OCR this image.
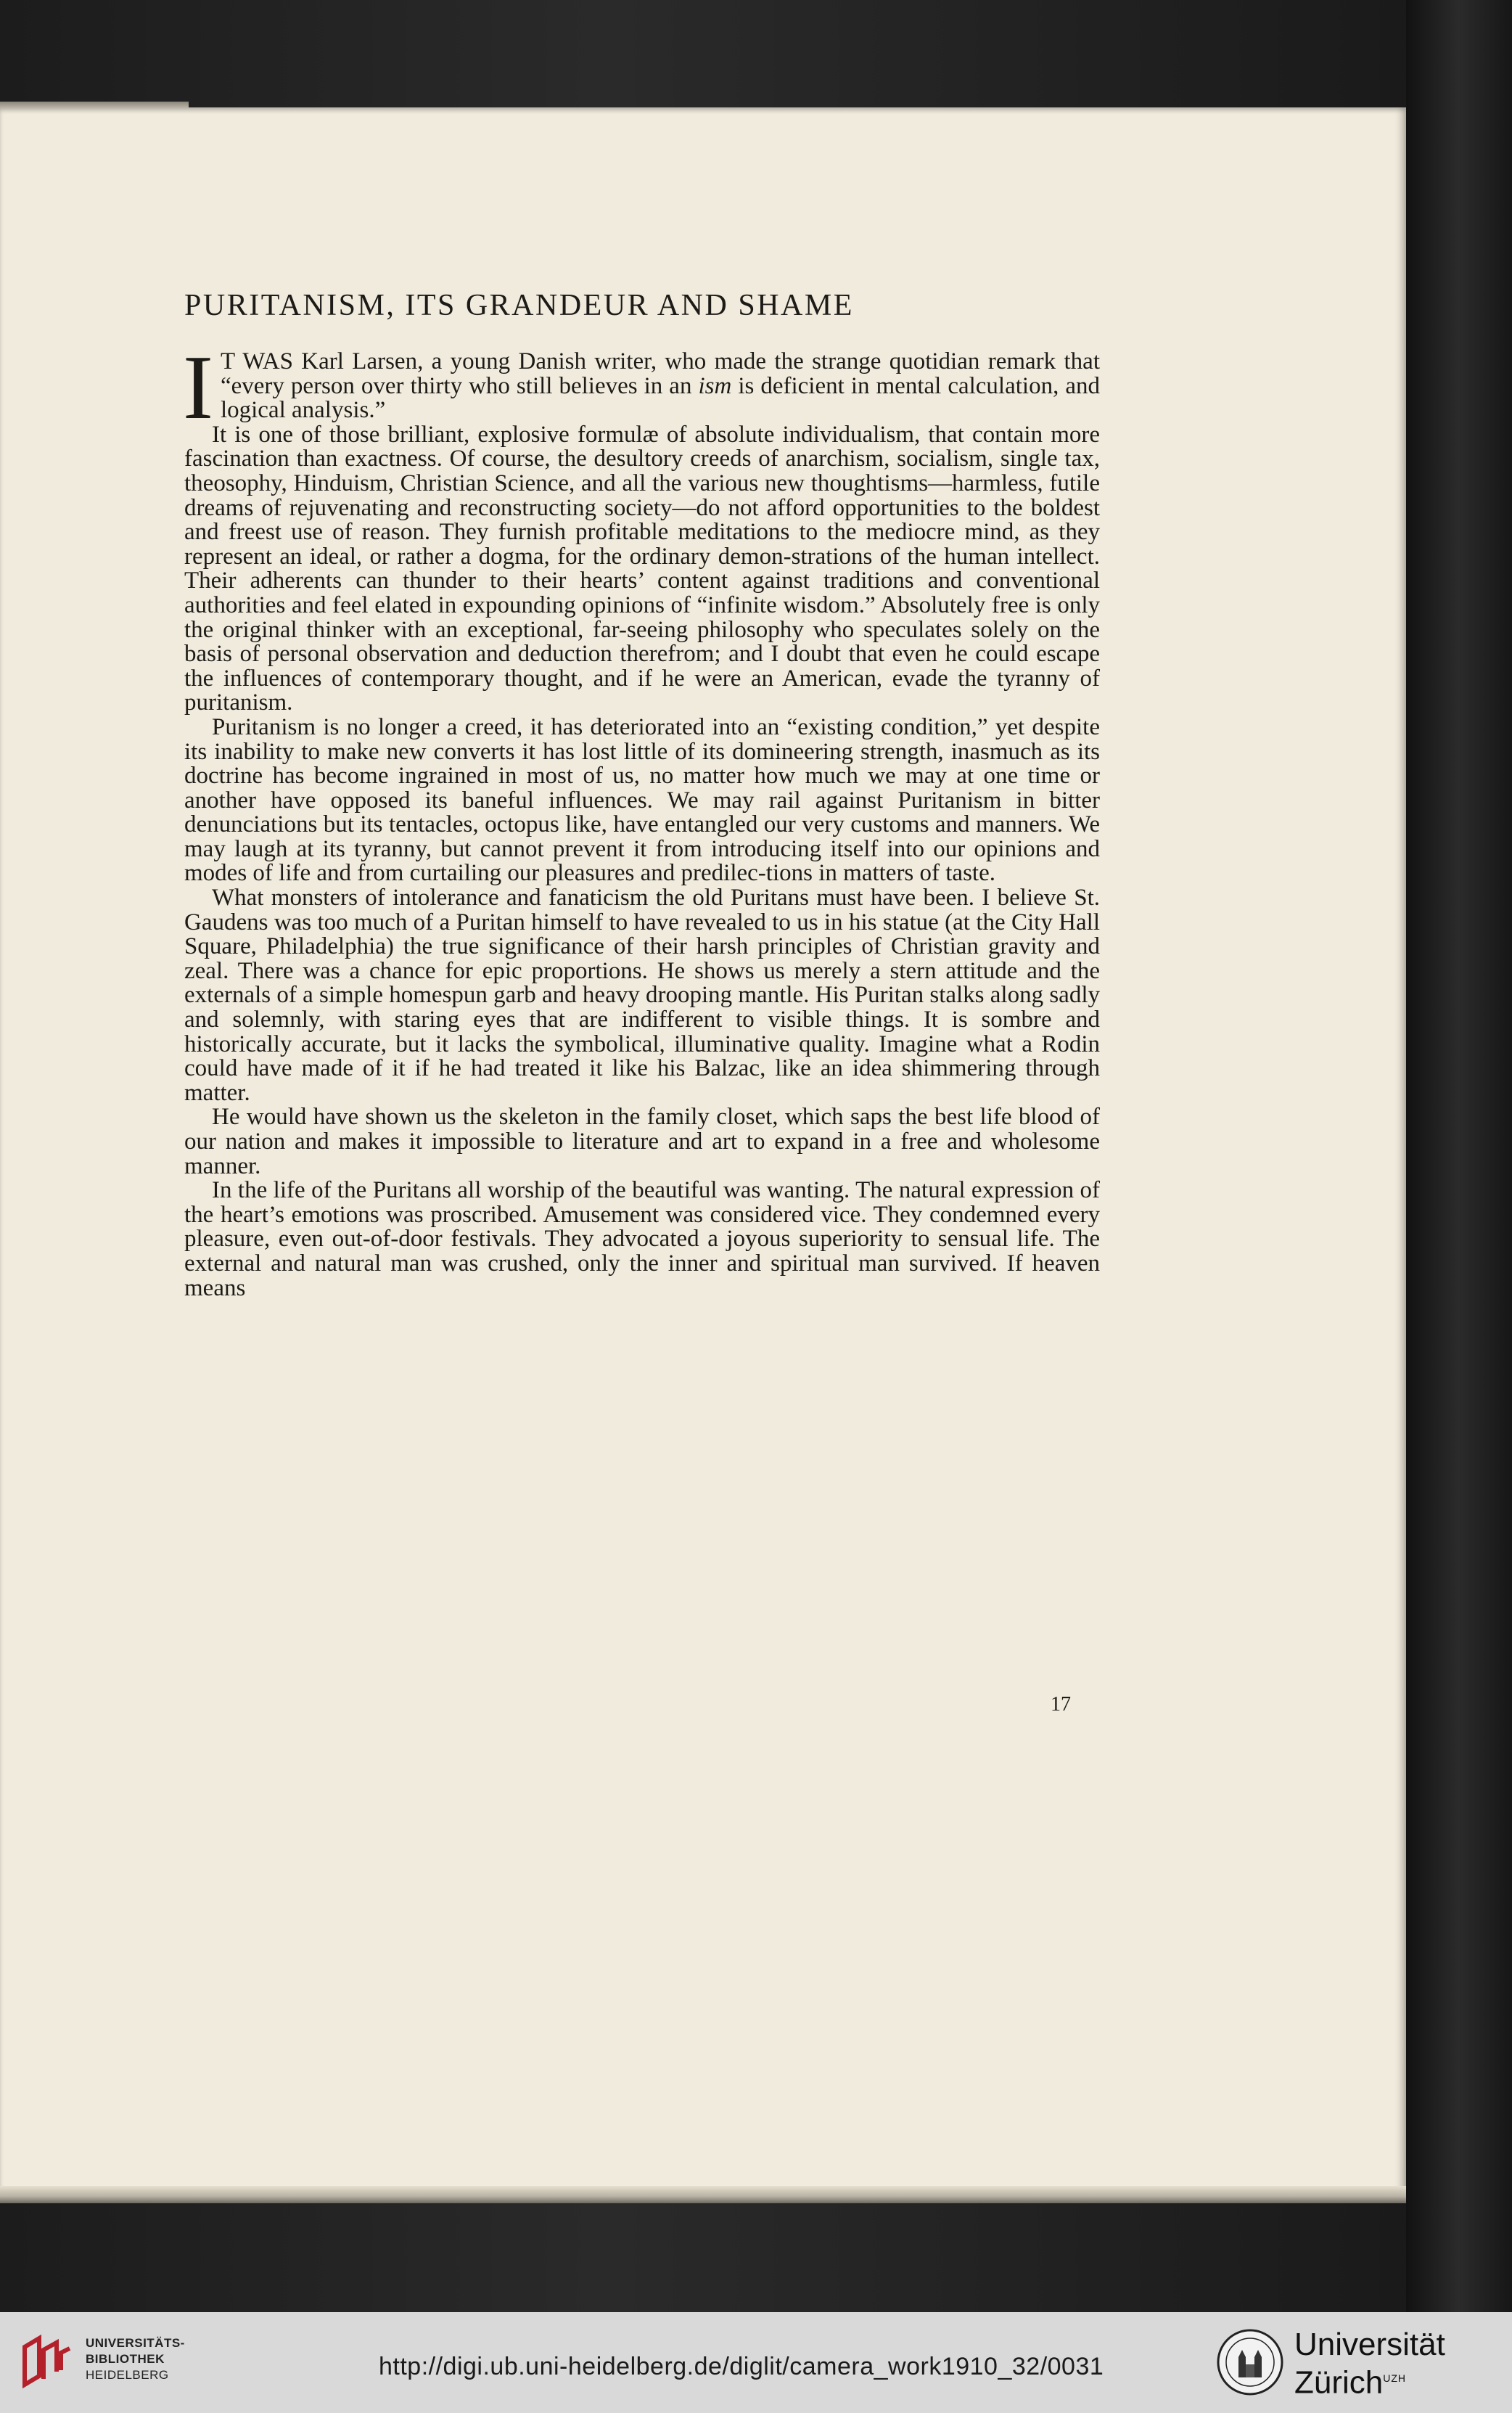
PURITANISM, ITS GRANDEUR AND SHAME

I T WAS Karl Larsen, a young Danish writer, who made the strange quotidian remark that “every person over thirty who still believes in an ism is deficient in mental calculation, and logical analysis.”

It is one of those brilliant, explosive formulæ of absolute individualism, that contain more fascination than exactness. Of course, the desultory creeds of anarchism, socialism, single tax, theosophy, Hinduism, Christian Science, and all the various new thoughtisms—harmless, futile dreams of rejuvenating and reconstructing society—do not afford opportunities to the boldest and freest use of reason. They furnish profitable meditations to the mediocre mind, as they represent an ideal, or rather a dogma, for the ordinary demon-strations of the human intellect. Their adherents can thunder to their hearts’ content against traditions and conventional authorities and feel elated in expounding opinions of “infinite wisdom.” Absolutely free is only the original thinker with an exceptional, far-seeing philosophy who speculates solely on the basis of personal observation and deduction therefrom; and I doubt that even he could escape the influences of contemporary thought, and if he were an American, evade the tyranny of puritanism.

Puritanism is no longer a creed, it has deteriorated into an “existing condition,” yet despite its inability to make new converts it has lost little of its domineering strength, inasmuch as its doctrine has become ingrained in most of us, no matter how much we may at one time or another have opposed its baneful influences. We may rail against Puritanism in bitter denunciations but its tentacles, octopus like, have entangled our very customs and manners. We may laugh at its tyranny, but cannot prevent it from introducing itself into our opinions and modes of life and from curtailing our pleasures and predilec-tions in matters of taste.

What monsters of intolerance and fanaticism the old Puritans must have been. I believe St. Gaudens was too much of a Puritan himself to have revealed to us in his statue (at the City Hall Square, Philadelphia) the true significance of their harsh principles of Christian gravity and zeal. There was a chance for epic proportions. He shows us merely a stern attitude and the externals of a simple homespun garb and heavy drooping mantle. His Puritan stalks along sadly and solemnly, with staring eyes that are indifferent to visible things. It is sombre and historically accurate, but it lacks the symbolical, illuminative quality. Imagine what a Rodin could have made of it if he had treated it like his Balzac, like an idea shimmering through matter.

He would have shown us the skeleton in the family closet, which saps the best life blood of our nation and makes it impossible to literature and art to expand in a free and wholesome manner.

In the life of the Puritans all worship of the beautiful was wanting. The natural expression of the heart’s emotions was proscribed. Amusement was considered vice. They condemned every pleasure, even out-of-door festivals. They advocated a joyous superiority to sensual life. The external and natural man was crushed, only the inner and spiritual man survived. If heaven means

17
UNIVERSITÄTS-
BIBLIOTHEK
HEIDELBERG	http://digi.ub.uni-heidelberg.de/diglit/camera_work1910_32/0031
Universität
Zürich$^{UZH}$
